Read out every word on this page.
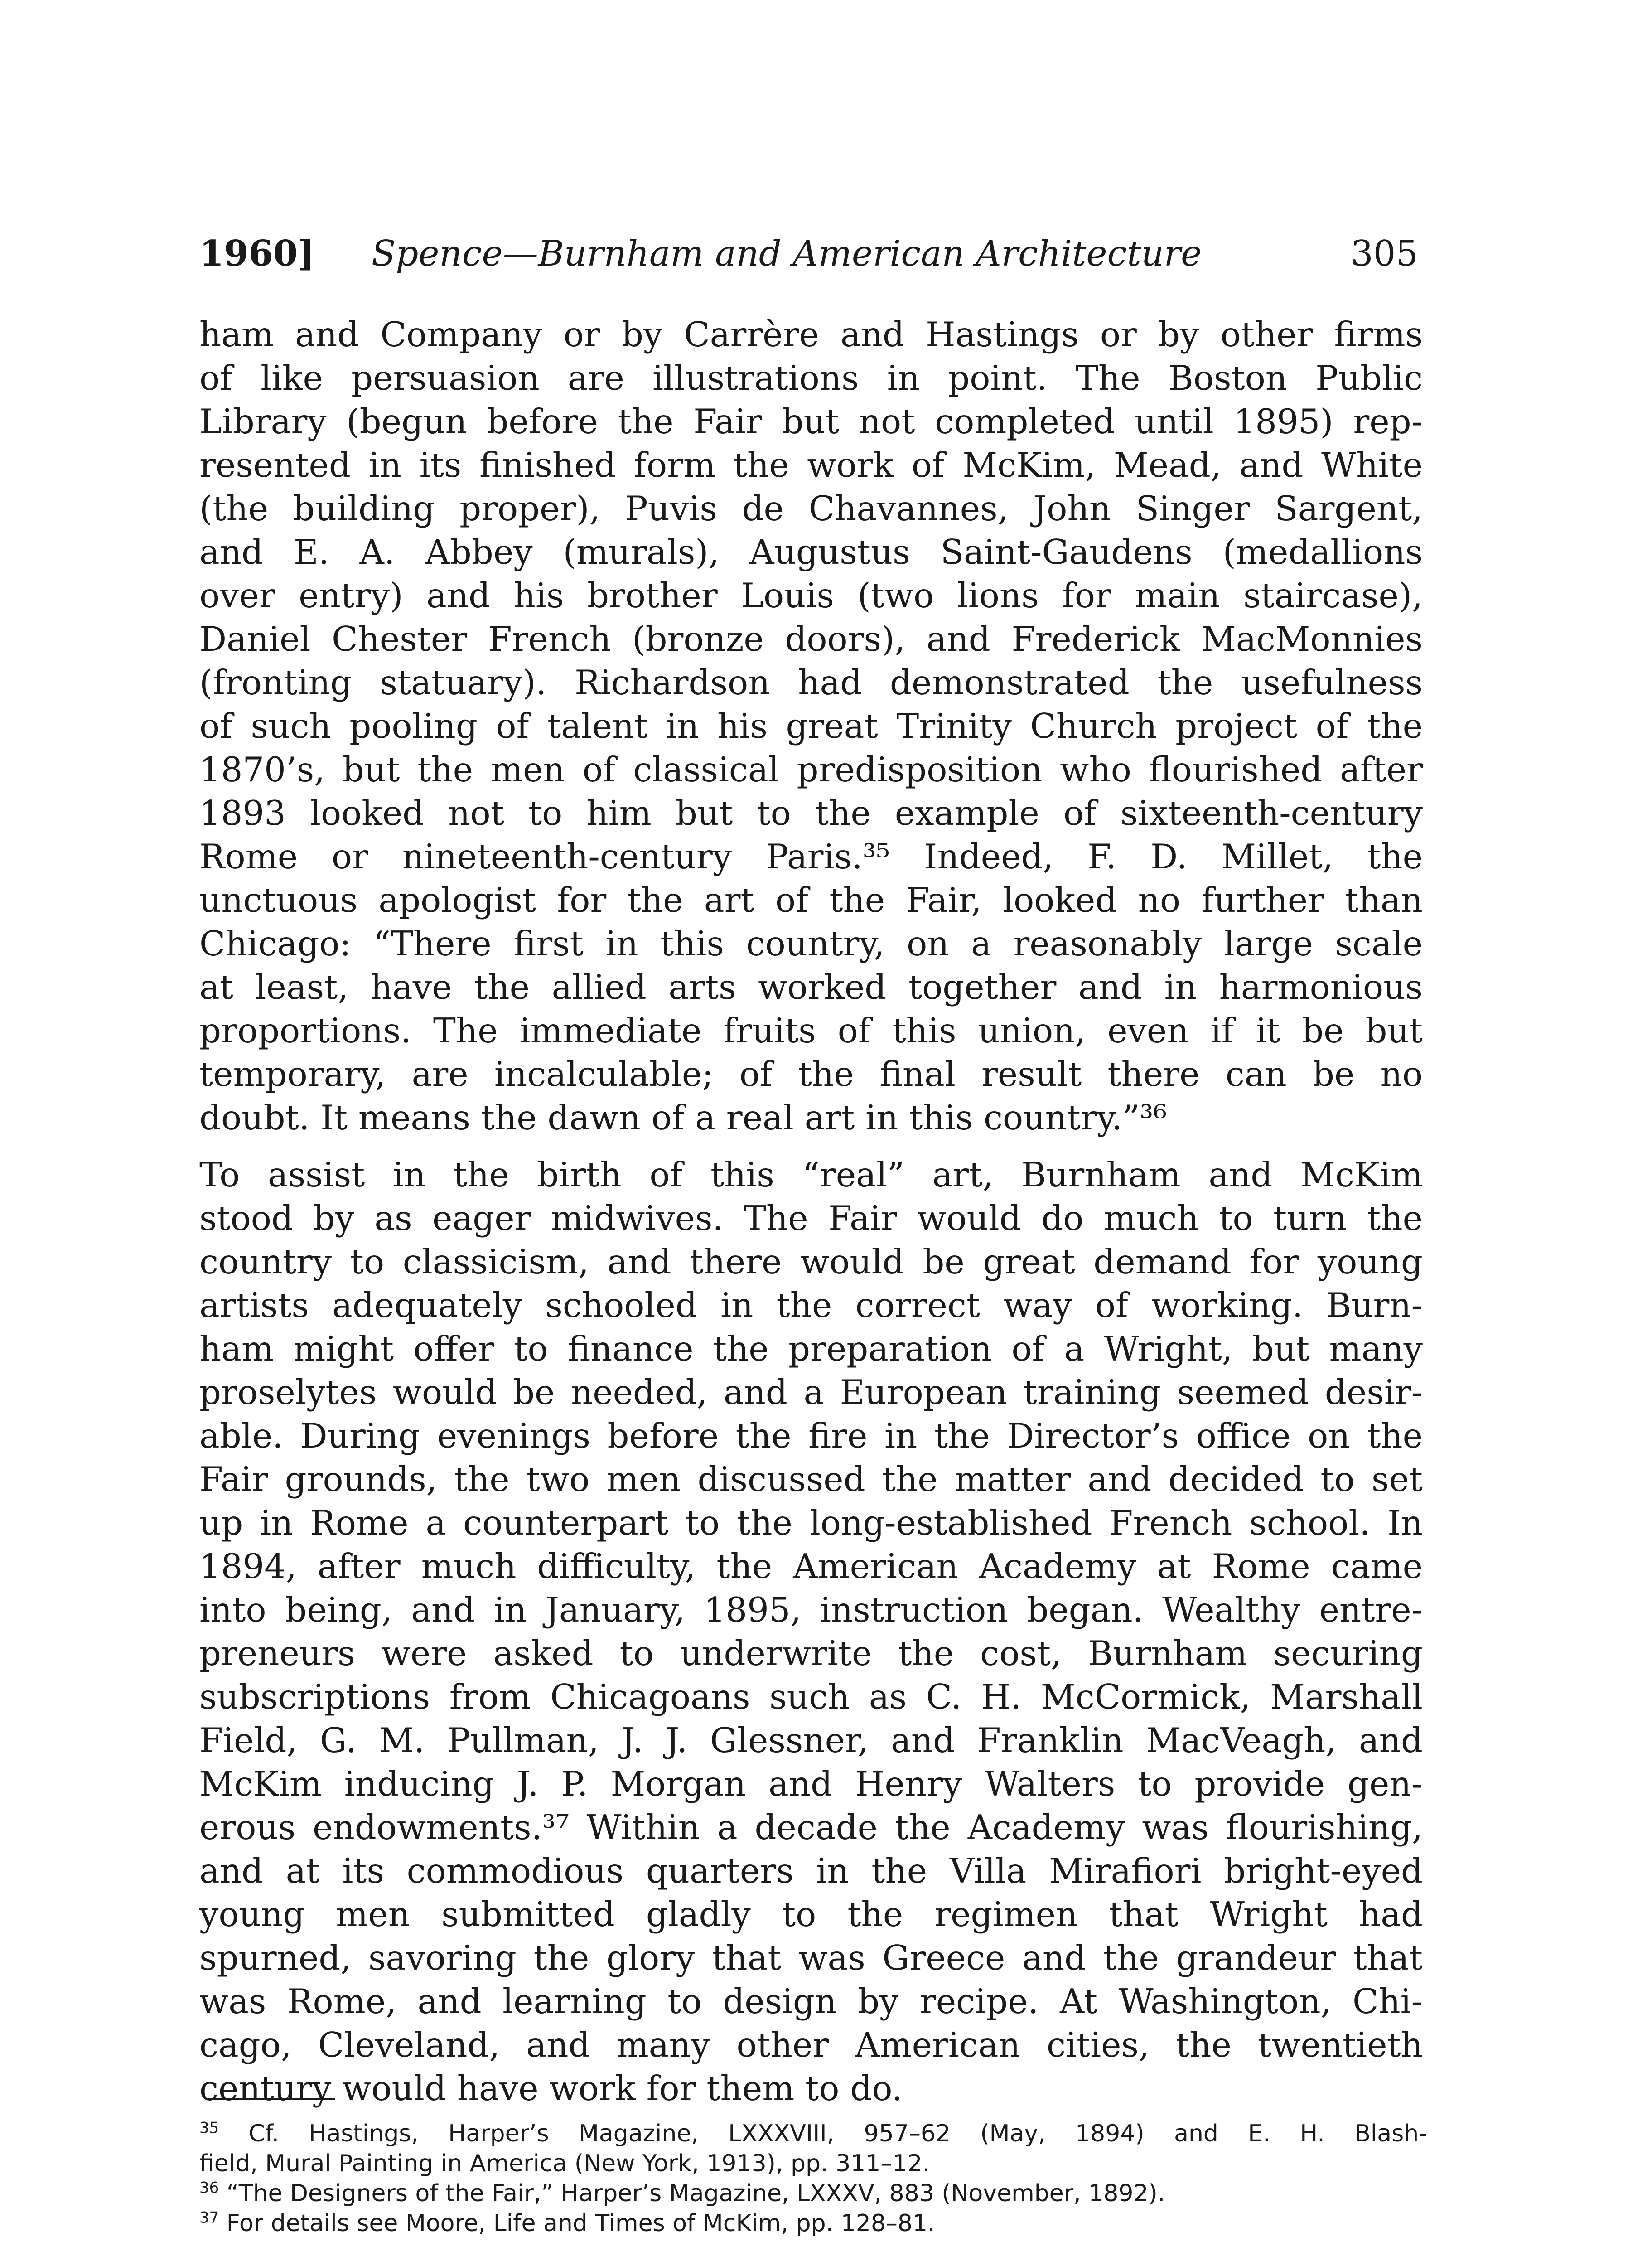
1960] Spence—Burnham and American Architecture	305
ham and Company or by Carrère and Hastings or by other firms
of like persuasion are illustrations in point. The Boston Public
Library (begun before the Fair but not completed until 1895) rep-
resented in its finished form the work of McKim, Mead, and White
(the building proper), Puvis de Chavannes, John Singer Sargent,
and E. A. Abbey (murals), Augustus Saint-Gaudens (medallions
over entry) and his brother Louis (two lions for main staircase),
Daniel Chester French (bronze doors), and Frederick MacMonnies
(fronting statuary). Richardson had demonstrated the usefulness
of such pooling of talent in his great Trinity Church project of the
1870’s, but the men of classical predisposition who flourished after
1893 looked not to him but to the example of sixteenth-century
Rome or nineteenth-century Paris.³⁵ Indeed, F. D. Millet, the
unctuous apologist for the art of the Fair, looked no further than
Chicago: “There first in this country, on a reasonably large scale
at least, have the allied arts worked together and in harmonious
proportions. The immediate fruits of this union, even if it be but
temporary, are incalculable; of the final result there can be no
doubt. It means the dawn of a real art in this country.”³⁶
To assist in the birth of this “real” art, Burnham and McKim
stood by as eager midwives. The Fair would do much to turn the
country to classicism, and there would be great demand for young
artists adequately schooled in the correct way of working. Burn-
ham might offer to finance the preparation of a Wright, but many
proselytes would be needed, and a European training seemed desir-
able. During evenings before the fire in the Director’s office on the
Fair grounds, the two men discussed the matter and decided to set
up in Rome a counterpart to the long-established French school. In
1894, after much difficulty, the American Academy at Rome came
into being, and in January, 1895, instruction began. Wealthy entre-
preneurs were asked to underwrite the cost, Burnham securing
subscriptions from Chicagoans such as C. H. McCormick, Marshall
Field, G. M. Pullman, J. J. Glessner, and Franklin MacVeagh, and
McKim inducing J. P. Morgan and Henry Walters to provide gen-
erous endowments.³⁷ Within a decade the Academy was flourishing,
and at its commodious quarters in the Villa Mirafiori bright-eyed
young men submitted gladly to the regimen that Wright had
spurned, savoring the glory that was Greece and the grandeur that
was Rome, and learning to design by recipe. At Washington, Chi-
cago, Cleveland, and many other American cities, the twentieth
century would have work for them to do.
$^{35}$ Cf. Hastings, Harper’s Magazine, LXXXVIII, 957–62 (May, 1894) and E. H. Blash-
field, Mural Painting in America (New York, 1913), pp. 311–12.
$^{36}$ “The Designers of the Fair,” Harper’s Magazine, LXXXV, 883 (November, 1892).
$^{37}$ For details see Moore, Life and Times of McKim, pp. 128–81.
